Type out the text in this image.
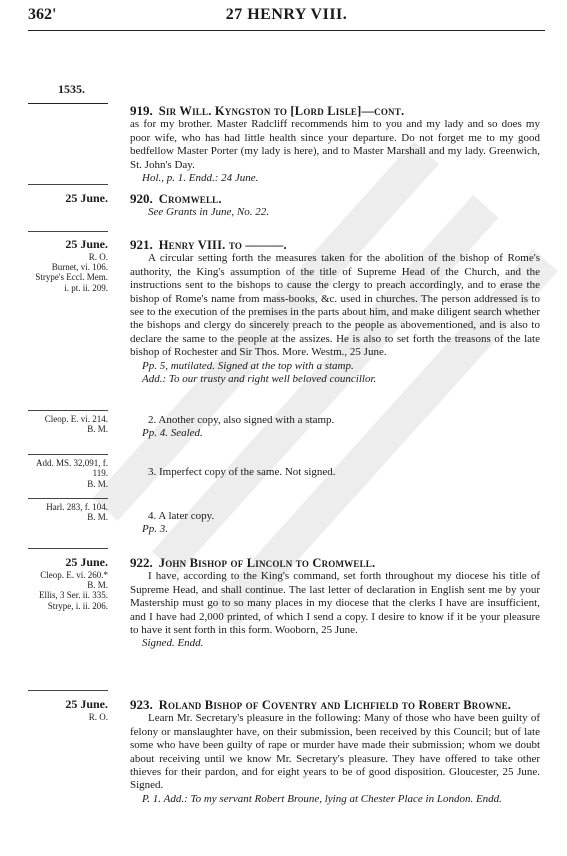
362'	27 HENRY VIII.
1535.
919. Sir Will. Kyngston to [Lord Lisle]—cont.

as for my brother. Master Radcliff recommends him to you and my lady and so does my poor wife, who has had little health since your departure. Do not forget me to my good bedfellow Master Porter (my lady is here), and to Master Marshall and my lady. Greenwich, St. John's Day.

Hol., p. 1. Endd.: 24 June.

25 June. 920. Cromwell.

See Grants in June, No. 22.

25 June.
R. O.
Burnet, vi. 106.
Strype's Eccl. Mem. i. pt. ii. 209.
921. Henry VIII. to ———.

A circular setting forth the measures taken for the abolition of the bishop of Rome's authority, the King's assumption of the title of Supreme Head of the Church, and the instructions sent to the bishops to cause the clergy to preach accordingly, and to erase the bishop of Rome's name from mass-books, &c. used in churches. The person addressed is to see to the execution of the premises in the parts about him, and make diligent search whether the bishops and clergy do sincerely preach to the people as abovementioned, and is also to declare the same to the people at the assizes. He is also to set forth the treasons of the late bishop of Rochester and Sir Thos. More. Westm., 25 June.

Pp. 5, mutilated. Signed at the top with a stamp.

Add.: To our trusty and right well beloved councillor.

Cleop. E. vi. 214.
B. M.

2. Another copy, also signed with a stamp.

Pp. 4. Sealed.

Add. MS. 32,091, f. 119.
B. M.

3. Imperfect copy of the same. Not signed.

Harl. 283, f. 104.
B. M.	4. A later copy.

Pp. 3.

25 June.
Cleop. E. vi. 260.*
B. M.
Ellis, 3 Ser. ii. 335.
Strype, i. ii. 206.
922. John Bishop of Lincoln to Cromwell.

I have, according to the King's command, set forth throughout my diocese his title of Supreme Head, and shall continue. The last letter of declaration in English sent me by your Mastership must go to so many places in my diocese that the clerks I have are insufficient, and I have had 2,000 printed, of which I send a copy. I desire to know if it be your pleasure to have it sent forth in this form. Wooborn, 25 June.

Signed. Endd.

25 June.
R. O.
923. Roland Bishop of Coventry and Lichfield to Robert Browne.

Learn Mr. Secretary's pleasure in the following: Many of those who have been guilty of felony or manslaughter have, on their submission, been received by this Council; but of late some who have been guilty of rape or murder have made their submission; whom we doubt about receiving until we know Mr. Secretary's pleasure. They have offered to take other thieves for their pardon, and for eight years to be of good disposition. Gloucester, 25 June. Signed.

P. 1. Add.: To my servant Robert Broune, lying at Chester Place in London. Endd.
